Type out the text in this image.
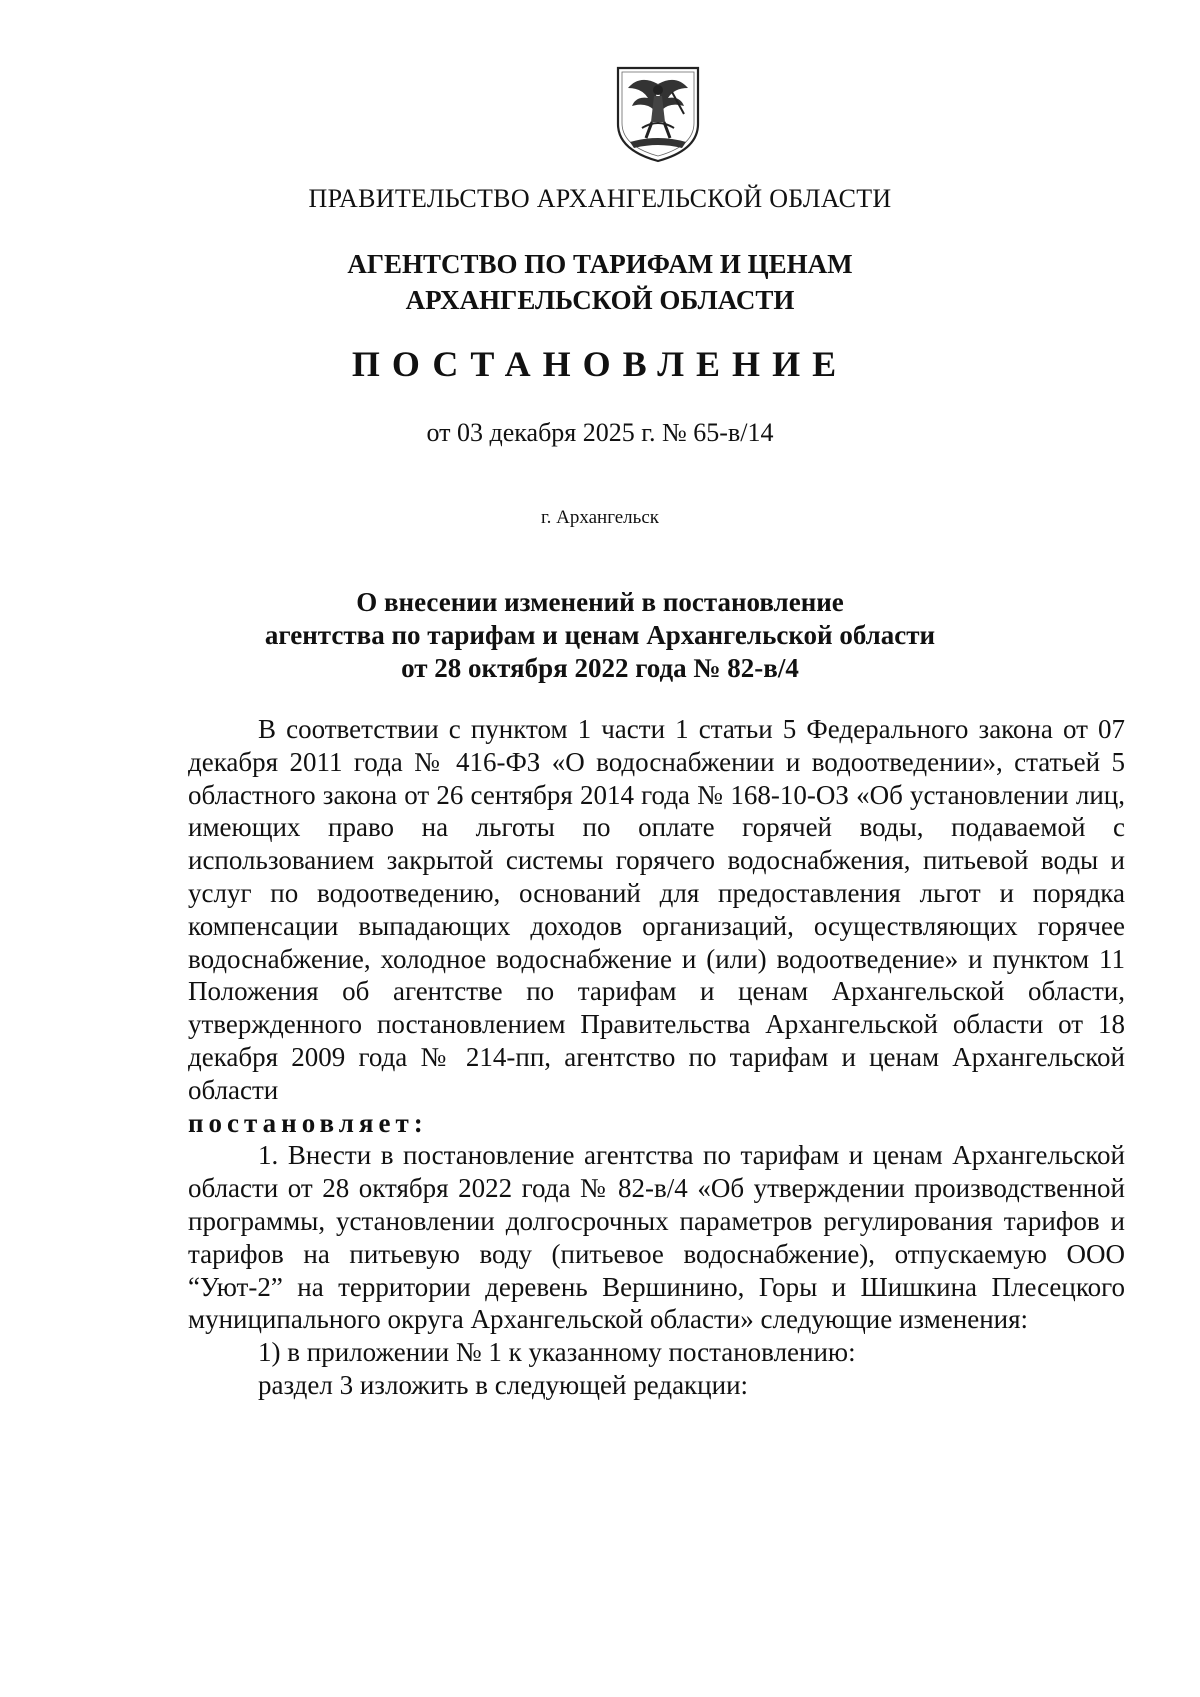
ПРАВИТЕЛЬСТВО АРХАНГЕЛЬСКОЙ ОБЛАСТИ
АГЕНТСТВО ПО ТАРИФАМ И ЦЕНАМ
АРХАНГЕЛЬСКОЙ ОБЛАСТИ
ПОСТАНОВЛЕНИЕ
от 03 декабря 2025 г. № 65-в/14
г. Архангельск
О внесении изменений в постановление
агентства по тарифам и ценам Архангельской области
от 28 октября 2022 года № 82-в/4

В соответствии с пунктом 1 части 1 статьи 5 Федерального закона от 07 декабря 2011 года № 416-ФЗ «О водоснабжении и водоотведении», статьей 5 областного закона от 26 сентября 2014 года № 168-10-ОЗ «Об установлении лиц, имеющих право на льготы по оплате горячей воды, подаваемой с использованием закрытой системы горячего водоснабжения, питьевой воды и услуг по водоотведению, оснований для предоставления льгот и порядка компенсации выпадающих доходов организаций, осуществляющих горячее водоснабжение, холодное водоснабжение и (или) водоотведение» и пунктом 11 Положения об агентстве по тарифам и ценам Архангельской области, утвержденного постановлением Правительства Архангельской области от 18 декабря 2009 года № 214-пп, агентство по тарифам и ценам Архангельской области

постановляет:

1. Внести в постановление агентства по тарифам и ценам Архангельской области от 28 октября 2022 года № 82-в/4 «Об утверждении производственной программы, установлении долгосрочных параметров регулирования тарифов и тарифов на питьевую воду (питьевое водоснабжение), отпускаемую ООО “Уют-2” на территории деревень Вершинино, Горы и Шишкина Плесецкого муниципального округа Архангельской области» следующие изменения:

1) в приложении № 1 к указанному постановлению:

раздел 3 изложить в следующей редакции:
